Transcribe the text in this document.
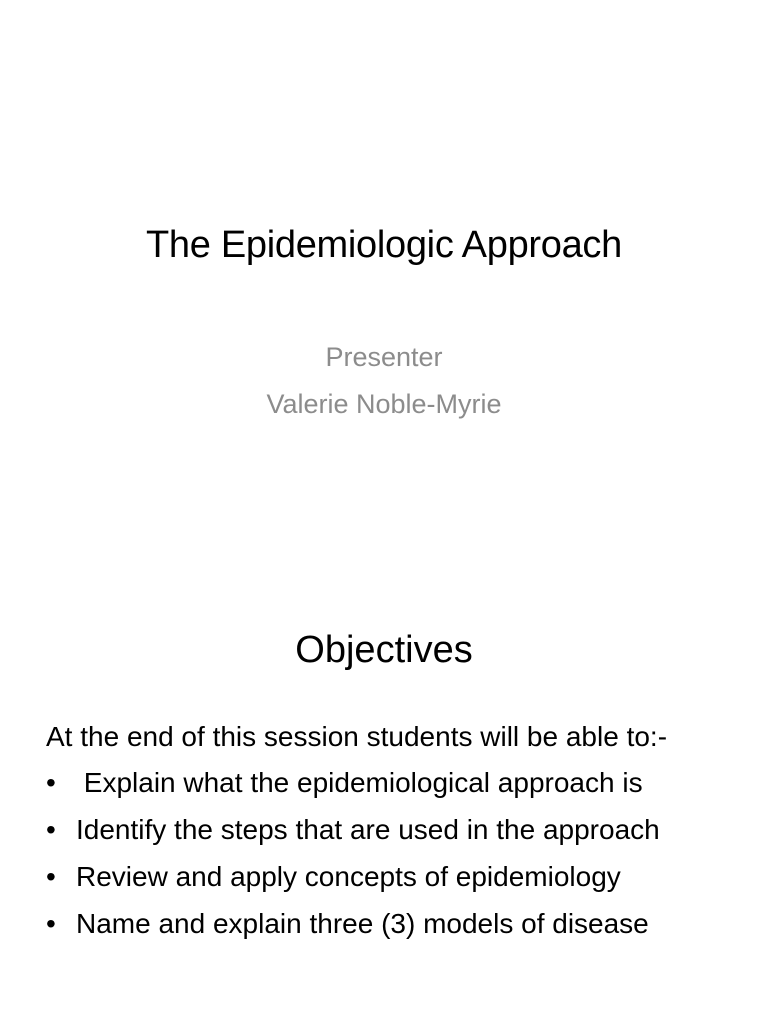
The Epidemiologic Approach
Presenter
Valerie Noble-Myrie
Objectives

At the end of this session students will be able to:-

• Explain what the epidemiological approach is
• Identify the steps that are used in the approach
• Review and apply concepts of epidemiology
• Name and explain three (3) models of disease
